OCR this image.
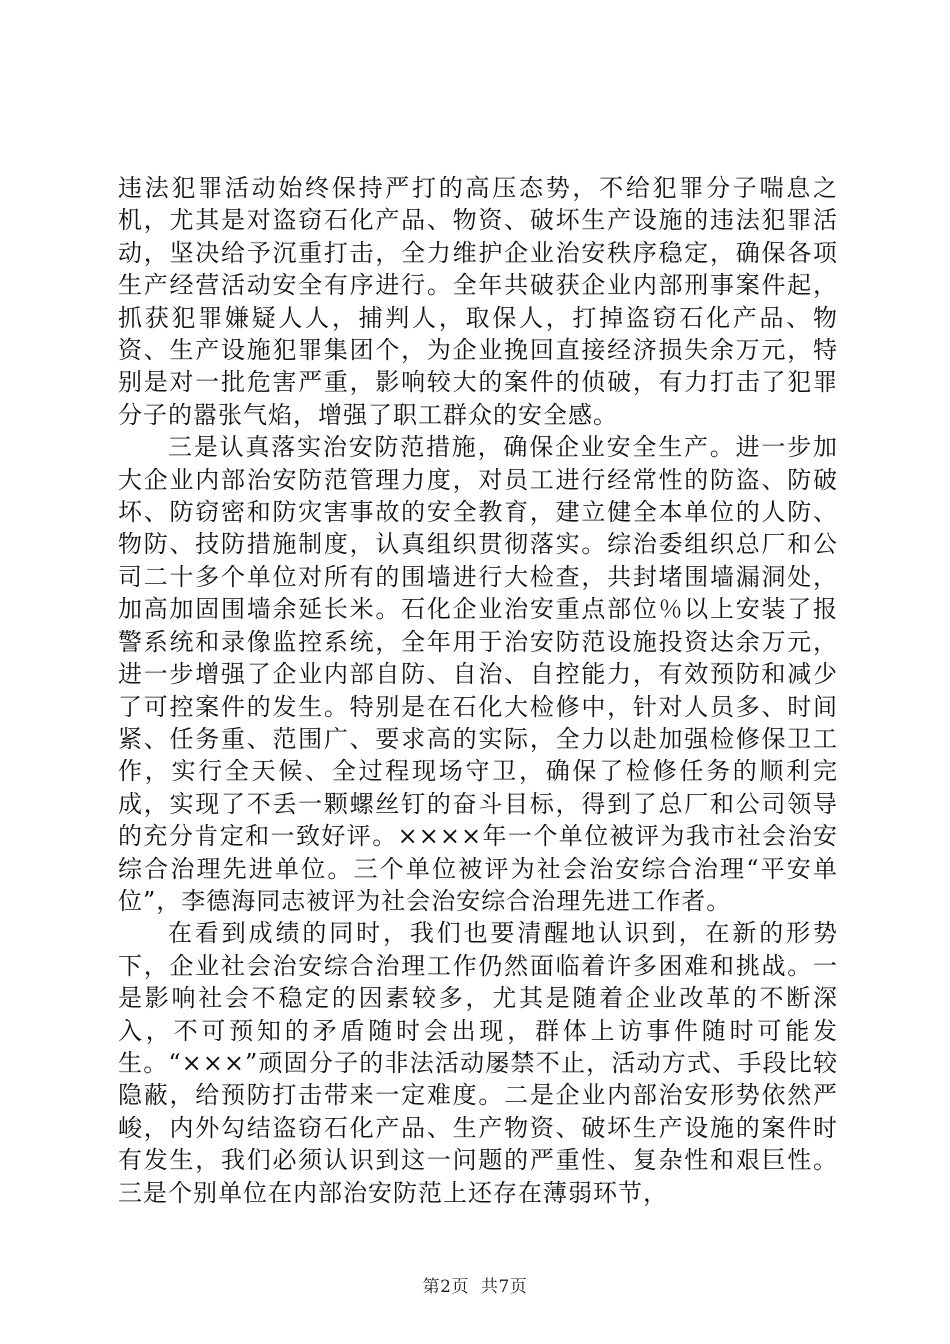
违法犯罪活动始终保持严打的高压态势，不给犯罪分子喘息之机，尤其是对盗窃石化产品、物资、破坏生产设施的违法犯罪活动，坚决给予沉重打击，全力维护企业治安秩序稳定，确保各项生产经营活动安全有序进行。全年共破获企业内部刑事案件起，抓获犯罪嫌疑人人，捕判人，取保人，打掉盗窃石化产品、物资、生产设施犯罪集团个，为企业挽回直接经济损失余万元，特别是对一批危害严重，影响较大的案件的侦破，有力打击了犯罪分子的嚣张气焰，增强了职工群众的安全感。

三是认真落实治安防范措施，确保企业安全生产。进一步加大企业内部治安防范管理力度，对员工进行经常性的防盗、防破坏、防窃密和防灾害事故的安全教育，建立健全本单位的人防、物防、技防措施制度，认真组织贯彻落实。综治委组织总厂和公司二十多个单位对所有的围墙进行大检查，共封堵围墙漏洞处，加高加固围墙余延长米。石化企业治安重点部位％以上安装了报警系统和录像监控系统，全年用于治安防范设施投资达余万元，进一步增强了企业内部自防、自治、自控能力，有效预防和减少了可控案件的发生。特别是在石化大检修中，针对人员多、时间紧、任务重、范围广、要求高的实际，全力以赴加强检修保卫工作，实行全天候、全过程现场守卫，确保了检修任务的顺利完成，实现了不丢一颗螺丝钉的奋斗目标，得到了总厂和公司领导的充分肯定和一致好评。××××年一个单位被评为我市社会治安综合治理先进单位。三个单位被评为社会治安综合治理“平安单位”，李德海同志被评为社会治安综合治理先进工作者。

在看到成绩的同时，我们也要清醒地认识到，在新的形势下，企业社会治安综合治理工作仍然面临着许多困难和挑战。一是影响社会不稳定的因素较多，尤其是随着企业改革的不断深入，不可预知的矛盾随时会出现，群体上访事件随时可能发生。“×××”顽固分子的非法活动屡禁不止，活动方式、手段比较隐蔽，给预防打击带来一定难度。二是企业内部治安形势依然严峻，内外勾结盗窃石化产品、生产物资、破坏生产设施的案件时有发生，我们必须认识到这一问题的严重性、复杂性和艰巨性。三是个别单位在内部治安防范上还存在薄弱环节，

第2页 共7页
